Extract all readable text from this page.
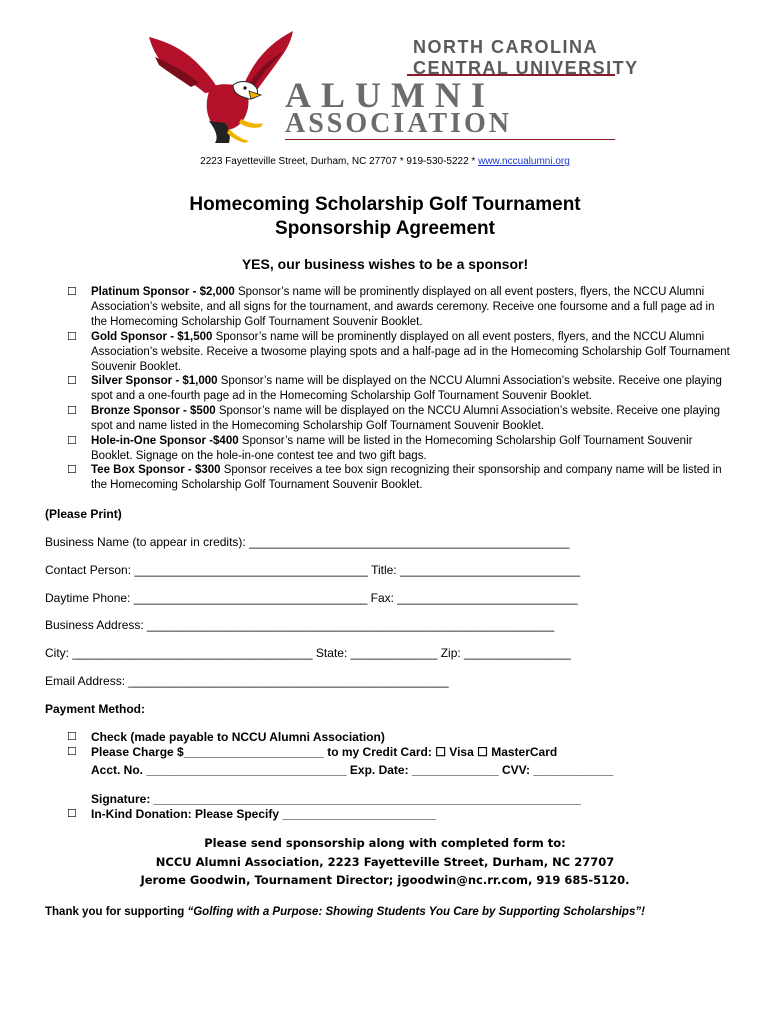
NORTH CAROLINA
CENTRAL UNIVERSITY
ALUMNI
ASSOCIATION
2223 Fayetteville Street, Durham, NC 27707 * 919-530-5222 * www.nccualumni.org
Homecoming Scholarship Golf Tournament
Sponsorship Agreement
YES, our business wishes to be a sponsor!
☐ Platinum Sponsor - $2,000 Sponsor’s name will be prominently displayed on all event posters, flyers, the NCCU Alumni Association’s website, and all signs for the tournament, and awards ceremony. Receive one foursome and a full page ad in the Homecoming Scholarship Golf Tournament Souvenir Booklet.
☐ Gold Sponsor - $1,500 Sponsor’s name will be prominently displayed on all event posters, flyers, and the NCCU Alumni Association’s website. Receive a twosome playing spots and a half-page ad in the Homecoming Scholarship Golf Tournament Souvenir Booklet.
☐ Silver Sponsor - $1,000 Sponsor’s name will be displayed on the NCCU Alumni Association’s website. Receive one playing spot and a one-fourth page ad in the Homecoming Scholarship Golf Tournament Souvenir Booklet.
☐ Bronze Sponsor - $500 Sponsor’s name will be displayed on the NCCU Alumni Association’s website. Receive one playing spot and name listed in the Homecoming Scholarship Golf Tournament Souvenir Booklet.
☐ Hole-in-One Sponsor -$400 Sponsor’s name will be listed in the Homecoming Scholarship Golf Tournament Souvenir Booklet. Signage on the hole-in-one contest tee and two gift bags.
☐ Tee Box Sponsor - $300 Sponsor receives a tee box sign recognizing their sponsorship and company name will be listed in the Homecoming Scholarship Golf Tournament Souvenir Booklet.
(Please Print)
Business Name (to appear in credits): ________________________________________________
Contact Person: ___________________________________ Title: ___________________________
Daytime Phone: ___________________________________ Fax: ___________________________
Business Address: _____________________________________________________________
City: ____________________________________ State: _____________ Zip: ________________
Email Address: ________________________________________________
Payment Method:
☐ Check (made payable to NCCU Alumni Association)
☐ Please Charge $_____________________ to my Credit Card: ☐ Visa ☐ MasterCard
Acct. No. ______________________________ Exp. Date: _____________ CVV: ____________
Signature: ________________________________________________________________
☐ In-Kind Donation: Please Specify _______________________
Please send sponsorship along with completed form to:
NCCU Alumni Association, 2223 Fayetteville Street, Durham, NC 27707
Jerome Goodwin, Tournament Director; jgoodwin@nc.rr.com, 919 685-5120.
Thank you for supporting “Golfing with a Purpose: Showing Students You Care by Supporting Scholarships”!
